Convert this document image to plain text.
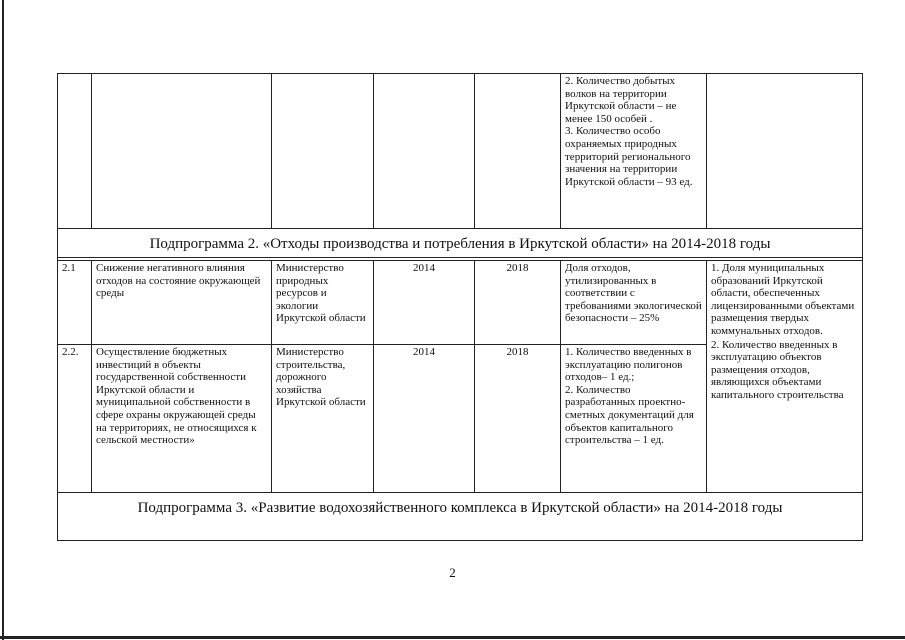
					2. Количество добытых волков на территории Иркутской области – не менее 150 особей .
3. Количество особо охраняемых природных территорий регионального значения на территории Иркутской области – 93 ед.	
Подпрограмма 2. «Отходы производства и потребления в Иркутской области» на 2014-2018 годы						

2.1	Снижение негативного влияния отходов на состояние окружающей среды	Министерство природных ресурсов и экологии Иркутской области	2014	2018	Доля отходов, утилизированных в соответствии с требованиями экологической безопасности – 25%	1. Доля муниципальных образований Иркутской области, обеспеченных лицензированными объектами размещения твердых коммунальных отходов.
2. Количество введенных в эксплуатацию объектов размещения отходов, являющихся объектами капитального строительства

2.2.	Осуществление бюджетных инвестиций в объекты государственной собственности Иркутской области и муниципальной собственности в сфере охраны окружающей среды на территориях, не относящихся к сельской местности»	Министерство строительства, дорожного хозяйства Иркутской области	2014	2018	1. Количество введенных в эксплуатацию полигонов отходов– 1 ед.;
2. Количество разработанных проектно-сметных документаций для объектов капитального строительства – 1 ед.	
Подпрограмма 3. «Развитие водохозяйственного комплекса в Иркутской области» на 2014-2018 годы						
2
